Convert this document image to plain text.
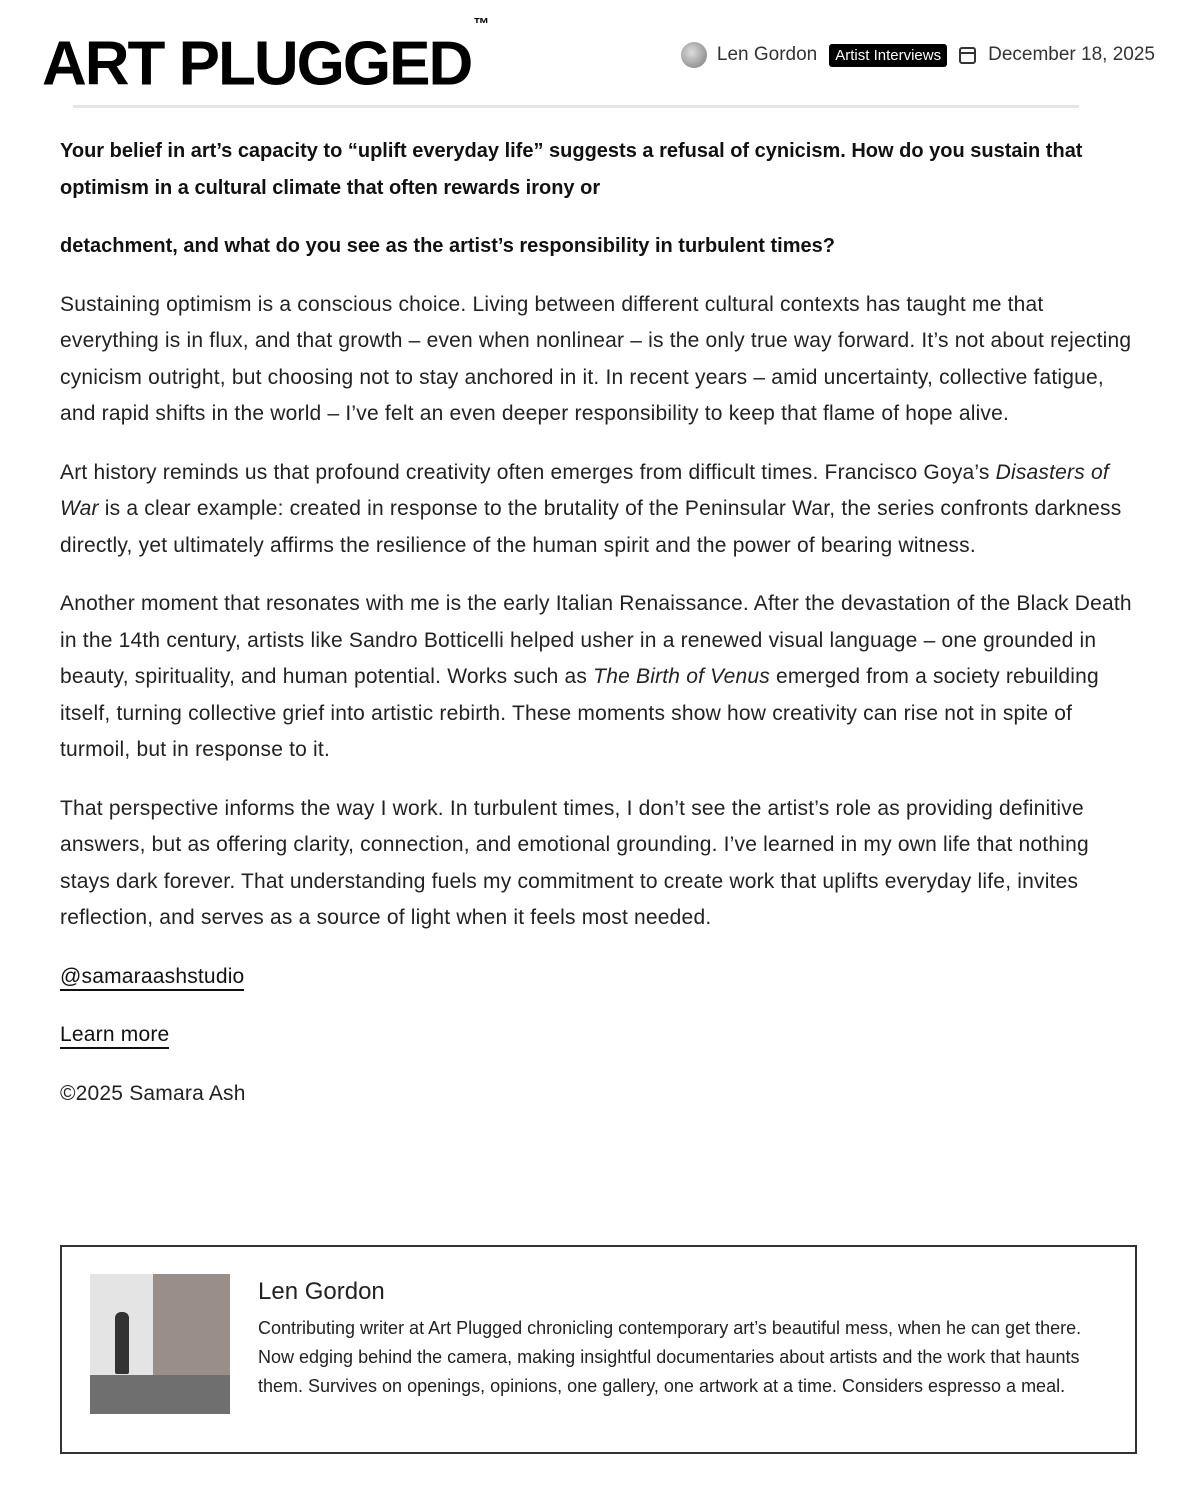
ART PLUGGED™
Len Gordon	Artist Interviews	December 18, 2025

Your belief in art’s capacity to “uplift everyday life” suggests a refusal of cynicism. How do you sustain that optimism in a cultural climate that often rewards irony or

detachment, and what do you see as the artist’s responsibility in turbulent times?

Sustaining optimism is a conscious choice. Living between different cultural contexts has taught me that everything is in flux, and that growth – even when nonlinear – is the only true way forward. It’s not about rejecting cynicism outright, but choosing not to stay anchored in it. In recent years – amid uncertainty, collective fatigue, and rapid shifts in the world – I’ve felt an even deeper responsibility to keep that flame of hope alive.

Art history reminds us that profound creativity often emerges from difficult times. Francisco Goya’s Disasters of War is a clear example: created in response to the brutality of the Peninsular War, the series confronts darkness directly, yet ultimately affirms the resilience of the human spirit and the power of bearing witness.

Another moment that resonates with me is the early Italian Renaissance. After the devastation of the Black Death in the 14th century, artists like Sandro Botticelli helped usher in a renewed visual language – one grounded in beauty, spirituality, and human potential. Works such as The Birth of Venus emerged from a society rebuilding itself, turning collective grief into artistic rebirth. These moments show how creativity can rise not in spite of turmoil, but in response to it.

That perspective informs the way I work. In turbulent times, I don’t see the artist’s role as providing definitive answers, but as offering clarity, connection, and emotional grounding. I’ve learned in my own life that nothing stays dark forever. That understanding fuels my commitment to create work that uplifts everyday life, invites reflection, and serves as a source of light when it feels most needed.

@samaraashstudio

Learn more

©2025 Samara Ash

Len Gordon
Contributing writer at Art Plugged chronicling contemporary art’s beautiful mess, when he can get there. Now edging behind the camera, making insightful documentaries about artists and the work that haunts them. Survives on openings, opinions, one gallery, one artwork at a time. Considers espresso a meal.
